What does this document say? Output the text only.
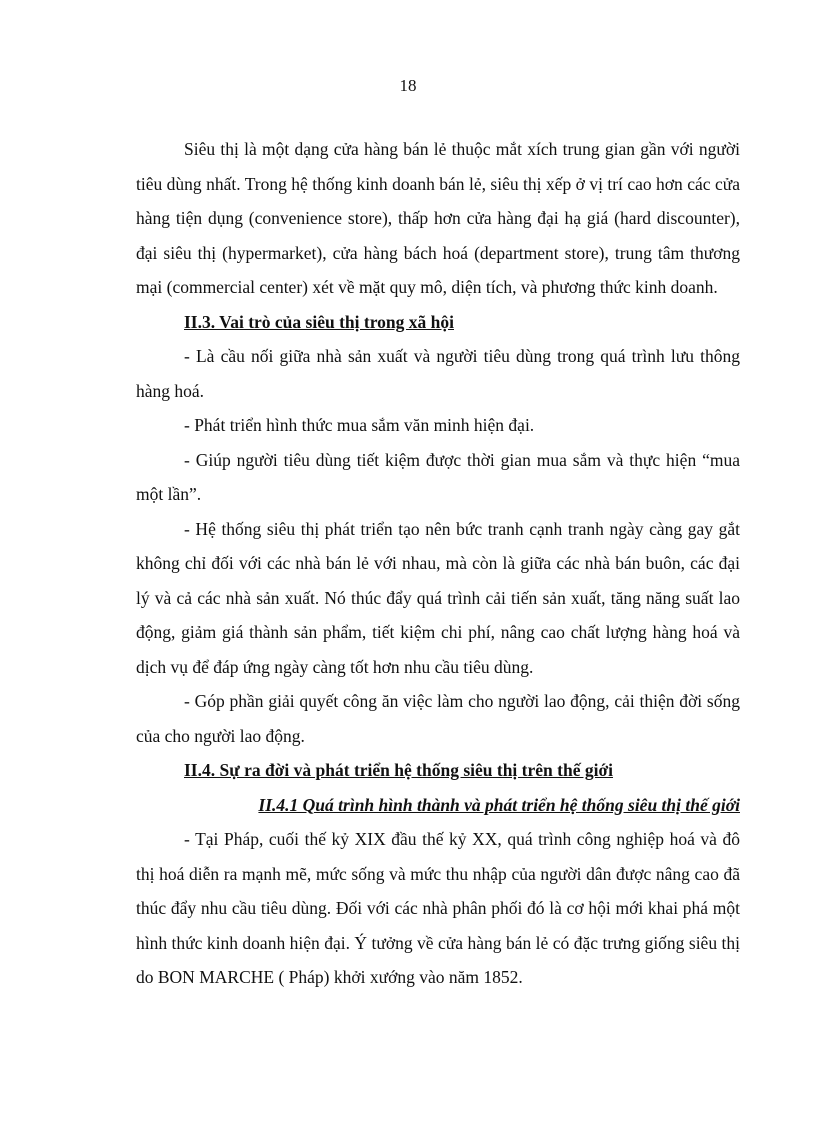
18

Siêu thị là một dạng cửa hàng bán lẻ thuộc mắt xích trung gian gần với người tiêu dùng nhất. Trong hệ thống kinh doanh bán lẻ, siêu thị xếp ở vị trí cao hơn các cửa hàng tiện dụng (convenience store), thấp hơn cửa hàng đại hạ giá (hard discounter), đại siêu thị (hypermarket), cửa hàng bách hoá (department store), trung tâm thương mại (commercial center) xét về mặt quy mô, diện tích, và phương thức kinh doanh.

II.3. Vai trò của siêu thị trong xã hội

- Là cầu nối giữa nhà sản xuất và người tiêu dùng trong quá trình lưu thông hàng hoá.

- Phát triển hình thức mua sắm văn minh hiện đại.

- Giúp người tiêu dùng tiết kiệm được thời gian mua sắm và thực hiện “mua một lần”.

- Hệ thống siêu thị phát triển tạo nên bức tranh cạnh tranh ngày càng gay gắt không chỉ đối với các nhà bán lẻ với nhau, mà còn là giữa các nhà bán buôn, các đại lý và cả các nhà sản xuất. Nó thúc đẩy quá trình cải tiến sản xuất, tăng năng suất lao động, giảm giá thành sản phẩm, tiết kiệm chi phí, nâng cao chất lượng hàng hoá và dịch vụ để đáp ứng ngày càng tốt hơn nhu cầu tiêu dùng.

- Góp phần giải quyết công ăn việc làm cho người lao động, cải thiện đời sống của cho người lao động.

II.4. Sự ra đời và phát triển hệ thống siêu thị trên thế giới

II.4.1 Quá trình hình thành và phát triển hệ thống siêu thị thế giới

- Tại Pháp, cuối thế kỷ XIX đầu thế kỷ XX, quá trình công nghiệp hoá và đô thị hoá diễn ra mạnh mẽ, mức sống và mức thu nhập của người dân được nâng cao đã thúc đẩy nhu cầu tiêu dùng. Đối với các nhà phân phối đó là cơ hội mới khai phá một hình thức kinh doanh hiện đại. Ý tưởng về cửa hàng bán lẻ có đặc trưng giống siêu thị do BON MARCHE ( Pháp) khởi xướng vào năm 1852.
